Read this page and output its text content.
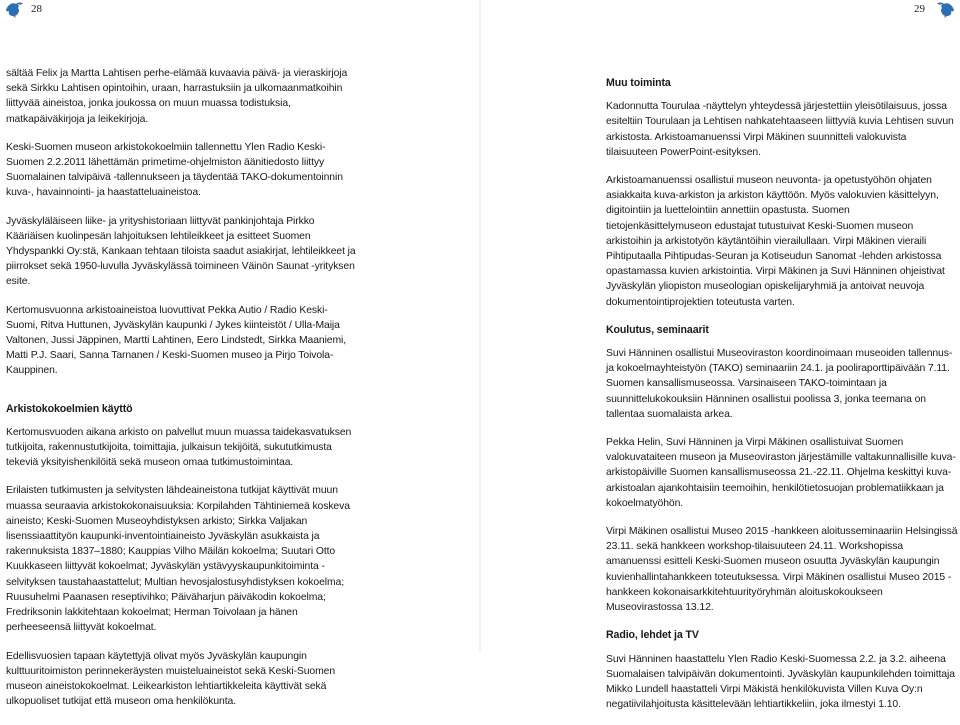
28	29

sältää Felix ja Martta Lahtisen perhe-elämää kuvaavia päivä- ja vieraskirjoja sekä Sirkku Lahtisen opintoihin, uraan, harrastuksiin ja ulkomaanmatkoihin liittyvää aineistoa, jonka joukossa on muun muassa todistuksia, matkapäiväkirjoja ja leikekirjoja.

Keski-Suomen museon arkistokokoelmiin tallennettu Ylen Radio Keski-Suomen 2.2.2011 lähettämän primetime-ohjelmiston äänitiedosto liittyy Suomalainen talvipäivä -tallennukseen ja täydentää TAKO-dokumentoinnin kuva-, havainnointi- ja haastatteluaineistoa.

Jyväskyläläiseen liike- ja yrityshistoriaan liittyvät pankinjohtaja Pirkko Kääriäisen kuolinpesän lahjoituksen lehtileikkeet ja esitteet Suomen Yhdyspankki Oy:stä, Kankaan tehtaan tiloista saadut asiakirjat, lehtileikkeet ja piirrokset sekä 1950-luvulla Jyväskylässä toimineen Väinön Saunat -yrityksen esite.

Kertomusvuonna arkistoaineistoa luovuttivat Pekka Autio / Radio Keski-Suomi, Ritva Huttunen, Jyväskylän kaupunki / Jykes kiinteistöt / Ulla-Maija Valtonen, Jussi Jäppinen, Martti Lahtinen, Eero Lindstedt, Sirkka Maaniemi, Matti P.J. Saari, Sanna Tarnanen / Keski-Suomen museo ja Pirjo Toivola-Kauppinen.

Arkistokokoelmien käyttö

Kertomusvuoden aikana arkisto on palvellut muun muassa taidekasvatuksen tutkijoita, rakennustutkijoita, toimittajia, julkaisun tekijöitä, sukututkimusta tekeviä yksityishenkilöitä sekä museon omaa tutkimustoimintaa.

Erilaisten tutkimusten ja selvitysten lähdeaineistona tutkijat käyttivät muun muassa seuraavia arkistokokonaisuuksia: Korpilahden Tähtiniemeä koskeva aineisto; Keski-Suomen Museoyhdistyksen arkisto; Sirkka Valjakan lisenssiaattityön kaupunki-inventointiaineisto Jyväskylän asukkaista ja rakennuksista 1837–1880; Kauppias Vilho Mäilän kokoelma; Suutari Otto Kuukkaseen liittyvät kokoelmat; Jyväskylän ystävyyskaupunkitoiminta -selvityksen taustahaastattelut; Multian hevosjalostusyhdistyksen kokoelma; Ruusuhelmi Paanasen reseptivihko; Päiväharjun päiväkodin kokoelma; Fredriksonin lakkitehtaan kokoelmat; Herman Toivolaan ja hänen perheeseensä liittyvät kokoelmat.

Edellisvuosien tapaan käytettyjä olivat myös Jyväskylän kaupungin kulttuuritoimiston perinnekeräysten muisteluaineistot sekä Keski-Suomen museon aineistokokoelmat. Leikearkiston lehtiartikkeleita käyttivät sekä ulkopuoliset tutkijat että museon oma henkilökunta.

Muu toiminta

Kadonnutta Tourulaa -näyttelyn yhteydessä järjestettiin yleisötilaisuus, jossa esiteltiin Tourulaan ja Lehtisen nahkatehtaaseen liittyviä kuvia Lehtisen suvun arkistosta. Arkistoamanuenssi Virpi Mäkinen suunnitteli valokuvista tilaisuuteen PowerPoint-esityksen.

Arkistoamanuenssi osallistui museon neuvonta- ja opetustyöhön ohjaten asiakkaita kuva-arkiston ja arkiston käyttöön. Myös valokuvien käsittelyyn, digitointiin ja luettelointiin annettiin opastusta. Suomen tietojenkäsittelymuseon edustajat tutustuivat Keski-Suomen museon arkistoihin ja arkistotyön käytäntöihin vierailullaan. Virpi Mäkinen vieraili Pihtiputaalla Pihtipudas-Seuran ja Kotiseudun Sanomat -lehden arkistossa opastamassa kuvien arkistointia. Virpi Mäkinen ja Suvi Hänninen ohjeistivat Jyväskylän yliopiston museologian opiskelijaryhmiä ja antoivat neuvoja dokumentointiprojektien toteutusta varten.

Koulutus, seminaarit

Suvi Hänninen osallistui Museoviraston koordinoimaan museoiden tallennus- ja kokoelmayhteistyön (TAKO) seminaariin 24.1. ja pooliraporttipäivään 7.11. Suomen kansallismuseossa. Varsinaiseen TAKO-toimintaan ja suunnittelukokouksiin Hänninen osallistui poolissa 3, jonka teemana on tallentaa suomalaista arkea.

Pekka Helin, Suvi Hänninen ja Virpi Mäkinen osallistuivat Suomen valokuvataiteen museon ja Museoviraston järjestämille valtakunnallisille kuva-arkistopäiville Suomen kansallismuseossa 21.-22.11. Ohjelma keskittyi kuva-arkistoalan ajankohtaisiin teemoihin, henkilötietosuojan problematiikkaan ja kokoelmatyöhön.

Virpi Mäkinen osallistui Museo 2015 -hankkeen aloitusseminaariin Helsingissä 23.11. sekä hankkeen workshop-tilaisuuteen 24.11. Workshopissa amanuenssi esitteli Keski-Suomen museon osuutta Jyväskylän kaupungin kuvienhallintahankkeen toteutuksessa. Virpi Mäkinen osallistui Museo 2015 -hankkeen kokonaisarkkitehtuurityöryhmän aloituskokoukseen Museovirastossa 13.12.

Radio, lehdet ja TV

Suvi Hänninen haastattelu Ylen Radio Keski-Suomessa 2.2. ja 3.2. aiheena Suomalaisen talvipäivän dokumentointi. Jyväskylän kaupunkilehden toimittaja Mikko Lundell haastatteli Virpi Mäkistä henkilökuvista Villen Kuva Oy:n negatiivilahjoitusta käsittelevään lehtiartikkeliin, joka ilmestyi 1.10.
